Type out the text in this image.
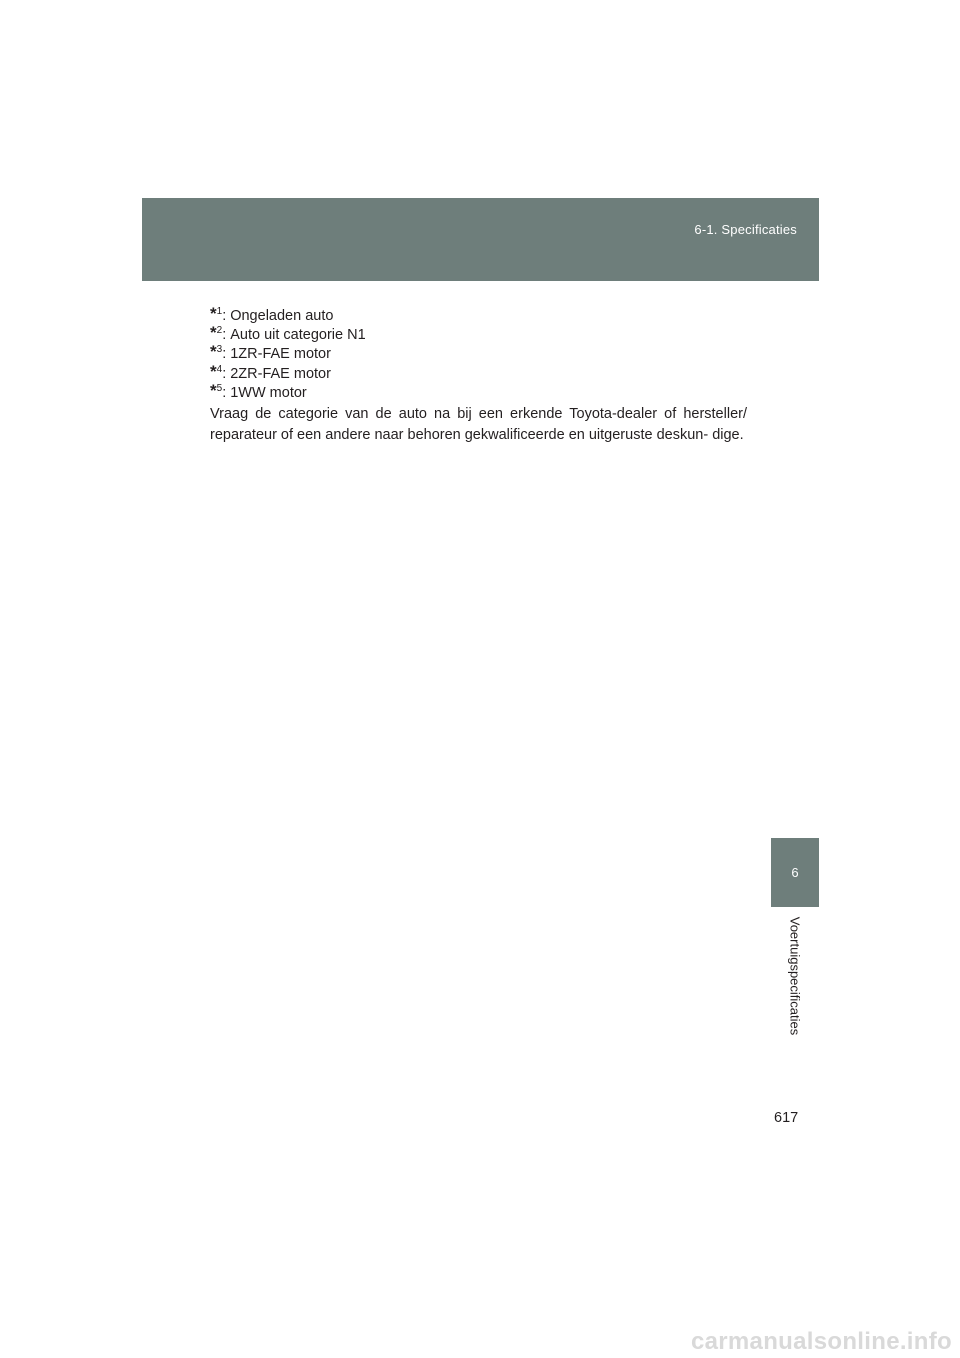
6-1. Specificaties
*$^1$: Ongeladen auto
*$^2$: Auto uit categorie N1
*$^3$: 1ZR-FAE motor
*$^4$: 2ZR-FAE motor
*$^5$: 1WW motor

Vraag de categorie van de auto na bij een erkende Toyota-dealer of hersteller/ reparateur of een andere naar behoren gekwalificeerde en uitgeruste deskun- dige.

6
Voertuigspecificaties
617
carmanualsonline.info
